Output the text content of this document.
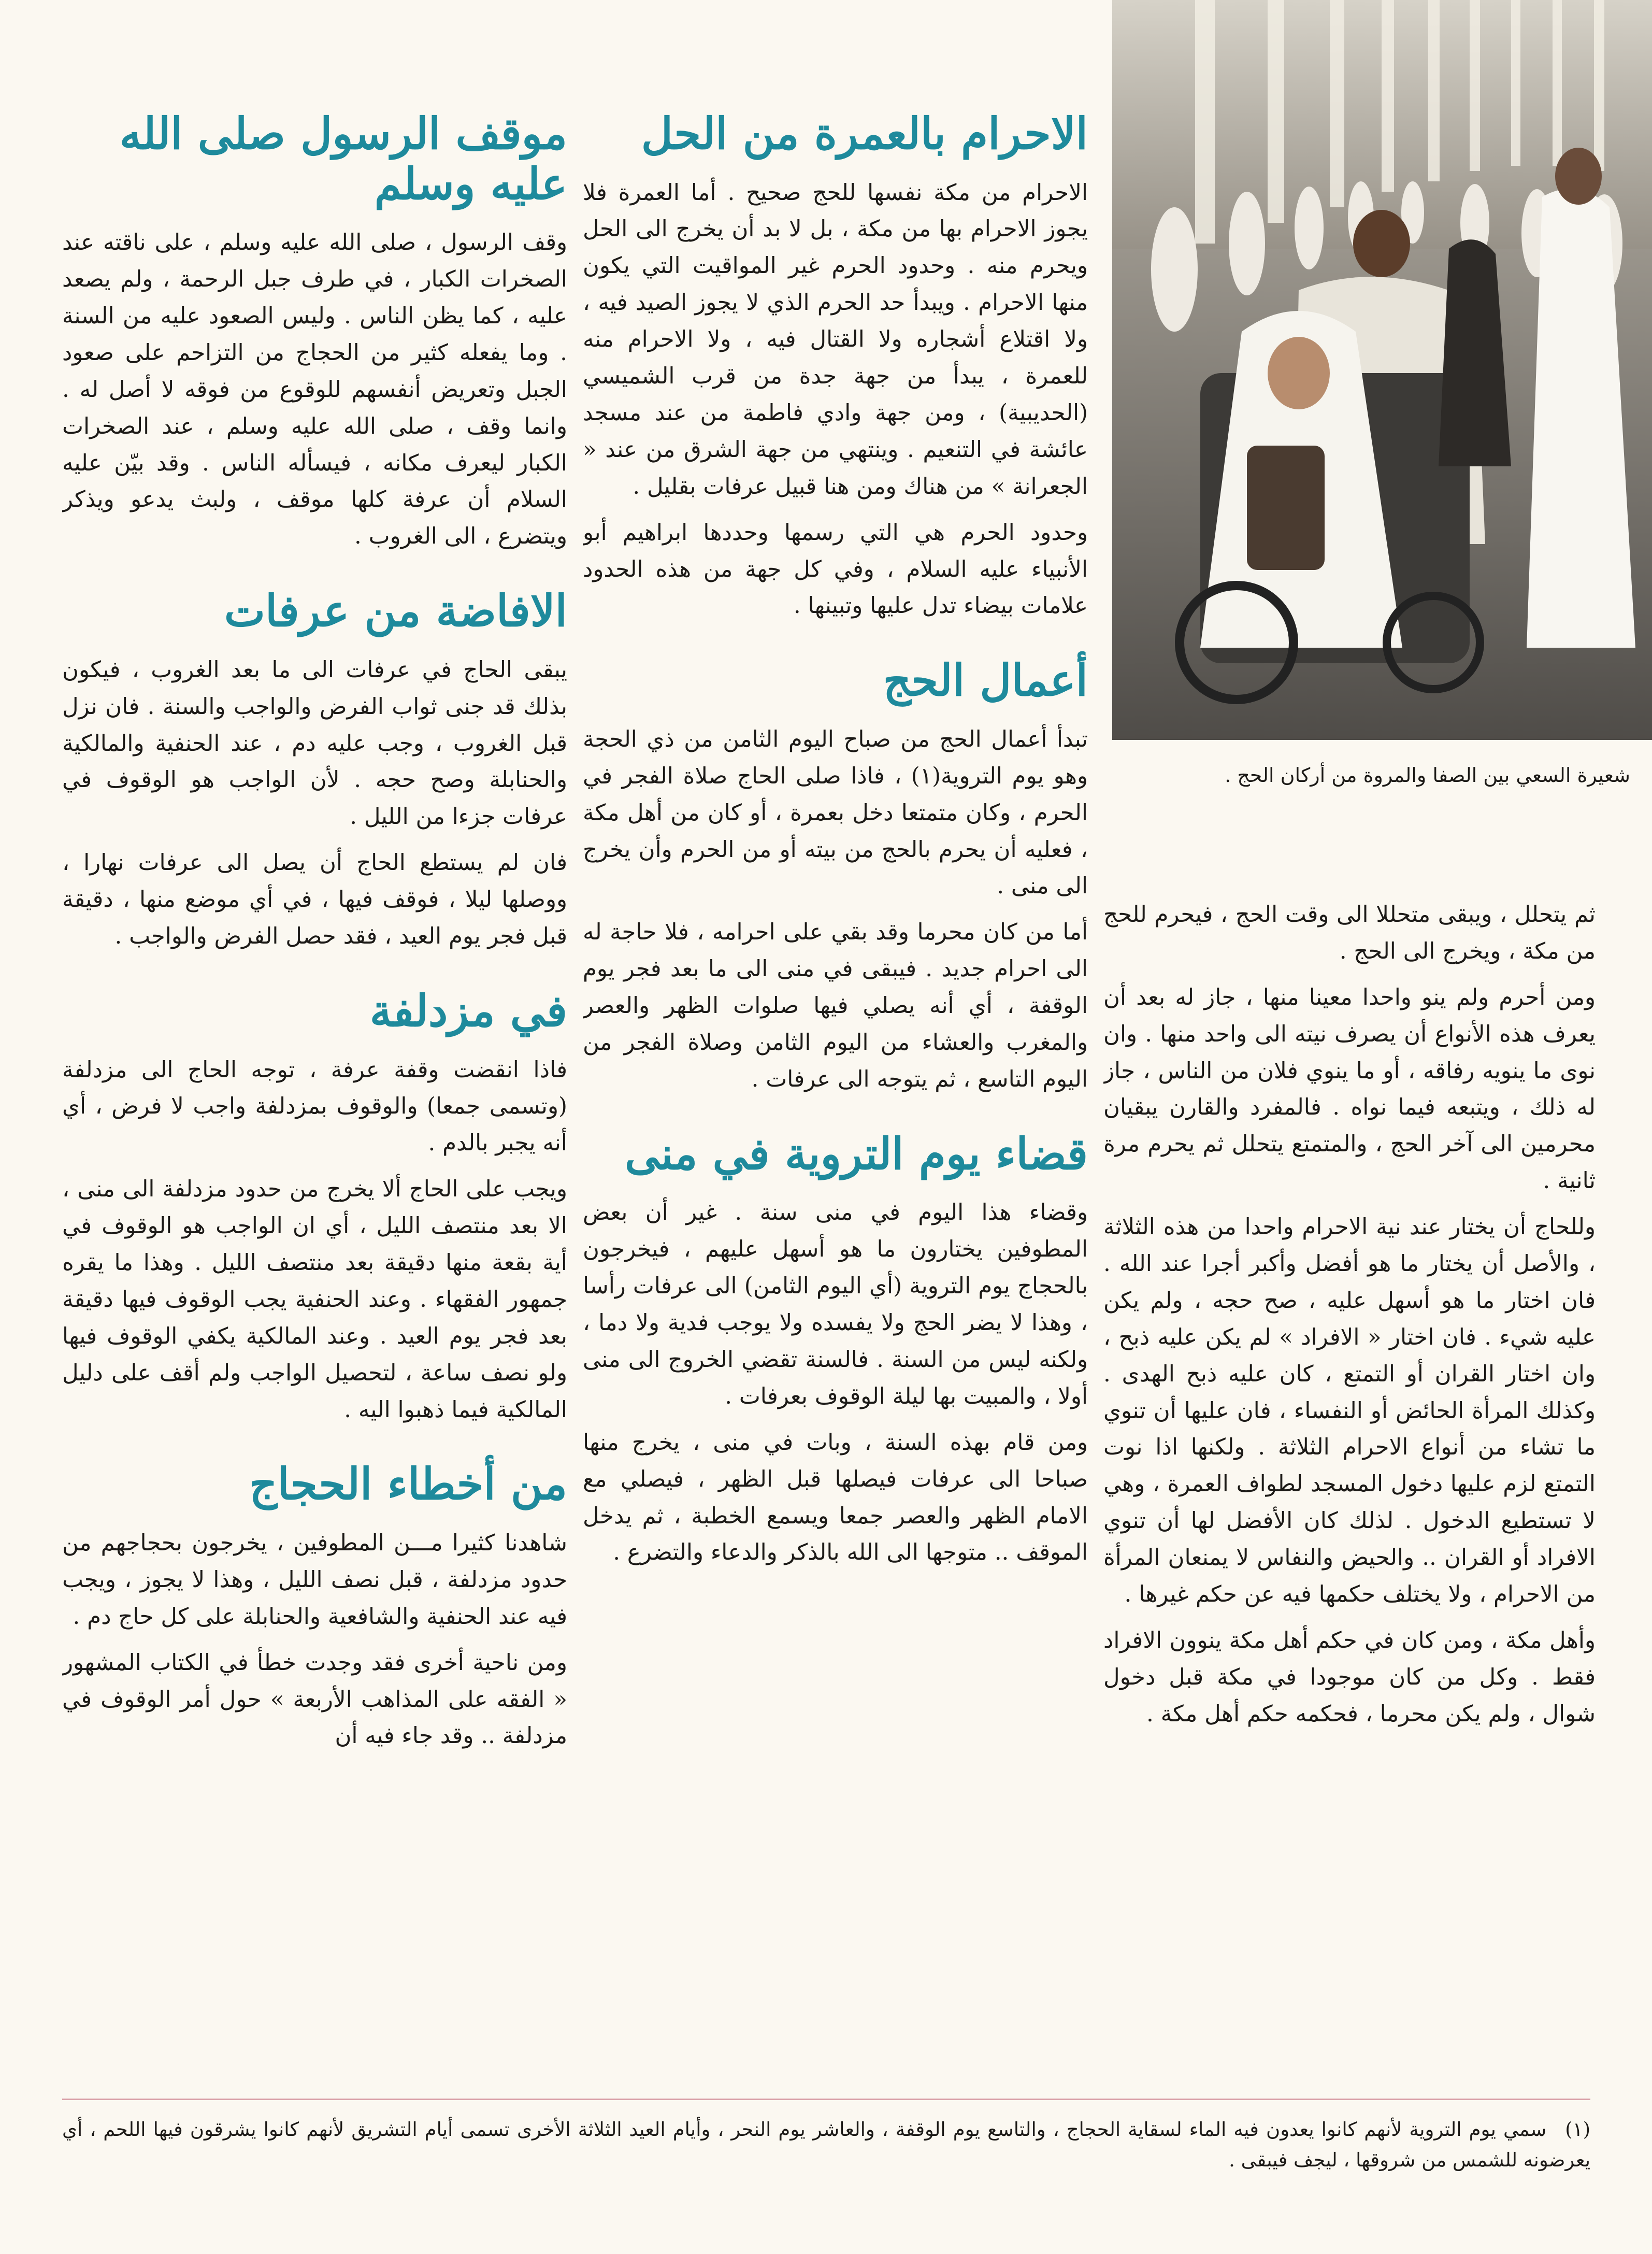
شعيرة السعي بين الصفا والمروة من أركان الحج .
الاحرام بالعمرة من الحل

الاحرام من مكة نفسها للحج صحيح . أما العمرة فلا يجوز الاحرام بها من مكة ، بل لا بد أن يخرج الى الحل ويحرم منه . وحدود الحرم غير المواقيت التي يكون منها الاحرام . ويبدأ حد الحرم الذي لا يجوز الصيد فيه ، ولا اقتلاع أشجاره ولا القتال فيه ، ولا الاحرام منه للعمرة ، يبدأ من جهة جدة من قرب الشميسي (الحديبية) ، ومن جهة وادي فاطمة من عند مسجد عائشة في التنعيم . وينتهي من جهة الشرق من عند « الجعرانة » من هناك ومن هنا قبيل عرفات بقليل .

وحدود الحرم هي التي رسمها وحددها ابراهيم أبو الأنبياء عليه السلام ، وفي كل جهة من هذه الحدود علامات بيضاء تدل عليها وتبينها .

أعمال الحج

تبدأ أعمال الحج من صباح اليوم الثامن من ذي الحجة وهو يوم التروية(١) ، فاذا صلى الحاج صلاة الفجر في الحرم ، وكان متمتعا دخل بعمرة ، أو كان من أهل مكة ، فعليه أن يحرم بالحج من بيته أو من الحرم وأن يخرج الى منى .

أما من كان محرما وقد بقي على احرامه ، فلا حاجة له الى احرام جديد . فيبقى في منى الى ما بعد فجر يوم الوقفة ، أي أنه يصلي فيها صلوات الظهر والعصر والمغرب والعشاء من اليوم الثامن وصلاة الفجر من اليوم التاسع ، ثم يتوجه الى عرفات .

قضاء يوم التروية في منى

وقضاء هذا اليوم في منى سنة . غير أن بعض المطوفين يختارون ما هو أسهل عليهم ، فيخرجون بالحجاج يوم التروية (أي اليوم الثامن) الى عرفات رأسا ، وهذا لا يضر الحج ولا يفسده ولا يوجب فدية ولا دما ، ولكنه ليس من السنة . فالسنة تقضي الخروج الى منى أولا ، والمبيت بها ليلة الوقوف بعرفات .

ومن قام بهذه السنة ، وبات في منى ، يخرج منها صباحا الى عرفات فيصلها قبل الظهر ، فيصلي مع الامام الظهر والعصر جمعا ويسمع الخطبة ، ثم يدخل الموقف .. متوجها الى الله بالذكر والدعاء والتضرع .

موقف الرسول صلى الله عليه وسلم

وقف الرسول ، صلى الله عليه وسلم ، على ناقته عند الصخرات الكبار ، في طرف جبل الرحمة ، ولم يصعد عليه ، كما يظن الناس . وليس الصعود عليه من السنة . وما يفعله كثير من الحجاج من التزاحم على صعود الجبل وتعريض أنفسهم للوقوع من فوقه لا أصل له . وانما وقف ، صلى الله عليه وسلم ، عند الصخرات الكبار ليعرف مكانه ، فيسأله الناس . وقد بيّن عليه السلام أن عرفة كلها موقف ، ولبث يدعو ويذكر ويتضرع ، الى الغروب .

الافاضة من عرفات

يبقى الحاج في عرفات الى ما بعد الغروب ، فيكون بذلك قد جنى ثواب الفرض والواجب والسنة . فان نزل قبل الغروب ، وجب عليه دم ، عند الحنفية والمالكية والحنابلة وصح حجه . لأن الواجب هو الوقوف في عرفات جزءا من الليل .

فان لم يستطع الحاج أن يصل الى عرفات نهارا ، ووصلها ليلا ، فوقف فيها ، في أي موضع منها ، دقيقة قبل فجر يوم العيد ، فقد حصل الفرض والواجب .

في مزدلفة

فاذا انقضت وقفة عرفة ، توجه الحاج الى مزدلفة (وتسمى جمعا) والوقوف بمزدلفة واجب لا فرض ، أي أنه يجبر بالدم .

ويجب على الحاج ألا يخرج من حدود مزدلفة الى منى ، الا بعد منتصف الليل ، أي ان الواجب هو الوقوف في أية بقعة منها دقيقة بعد منتصف الليل . وهذا ما يقره جمهور الفقهاء . وعند الحنفية يجب الوقوف فيها دقيقة بعد فجر يوم العيد . وعند المالكية يكفي الوقوف فيها ولو نصف ساعة ، لتحصيل الواجب ولم أقف على دليل المالكية فيما ذهبوا اليه .

من أخطاء الحجاج

شاهدنا كثيرا مـــن المطوفين ، يخرجون بحجاجهم من حدود مزدلفة ، قبل نصف الليل ، وهذا لا يجوز ، ويجب فيه عند الحنفية والشافعية والحنابلة على كل حاج دم .

ومن ناحية أخرى فقد وجدت خطأ في الكتاب المشهور « الفقه على المذاهب الأربعة » حول أمر الوقوف في مزدلفة .. وقد جاء فيه أن

ثم يتحلل ، ويبقى متحللا الى وقت الحج ، فيحرم للحج من مكة ، ويخرج الى الحج .

ومن أحرم ولم ينو واحدا معينا منها ، جاز له بعد أن يعرف هذه الأنواع أن يصرف نيته الى واحد منها . وان نوى ما ينويه رفاقه ، أو ما ينوي فلان من الناس ، جاز له ذلك ، ويتبعه فيما نواه . فالمفرد والقارن يبقيان محرمين الى آخر الحج ، والمتمتع يتحلل ثم يحرم مرة ثانية .

وللحاج أن يختار عند نية الاحرام واحدا من هذه الثلاثة ، والأصل أن يختار ما هو أفضل وأكبر أجرا عند الله . فان اختار ما هو أسهل عليه ، صح حجه ، ولم يكن عليه شيء . فان اختار « الافراد » لم يكن عليه ذبح ، وان اختار القران أو التمتع ، كان عليه ذبح الهدى . وكذلك المرأة الحائض أو النفساء ، فان عليها أن تنوي ما تشاء من أنواع الاحرام الثلاثة . ولكنها اذا نوت التمتع لزم عليها دخول المسجد لطواف العمرة ، وهي لا تستطيع الدخول . لذلك كان الأفضل لها أن تنوي الافراد أو القران .. والحيض والنفاس لا يمنعان المرأة من الاحرام ، ولا يختلف حكمها فيه عن حكم غيرها .

وأهل مكة ، ومن كان في حكم أهل مكة ينوون الافراد فقط . وكل من كان موجودا في مكة قبل دخول شوال ، ولم يكن محرما ، فحكمه حكم أهل مكة .

(١) سمي يوم التروية لأنهم كانوا يعدون فيه الماء لسقاية الحجاج ، والتاسع يوم الوقفة ، والعاشر يوم النحر ، وأيام العيد الثلاثة الأخرى تسمى أيام التشريق لأنهم كانوا يشرقون فيها اللحم ، أي يعرضونه للشمس من شروقها ، ليجف فيبقى .
